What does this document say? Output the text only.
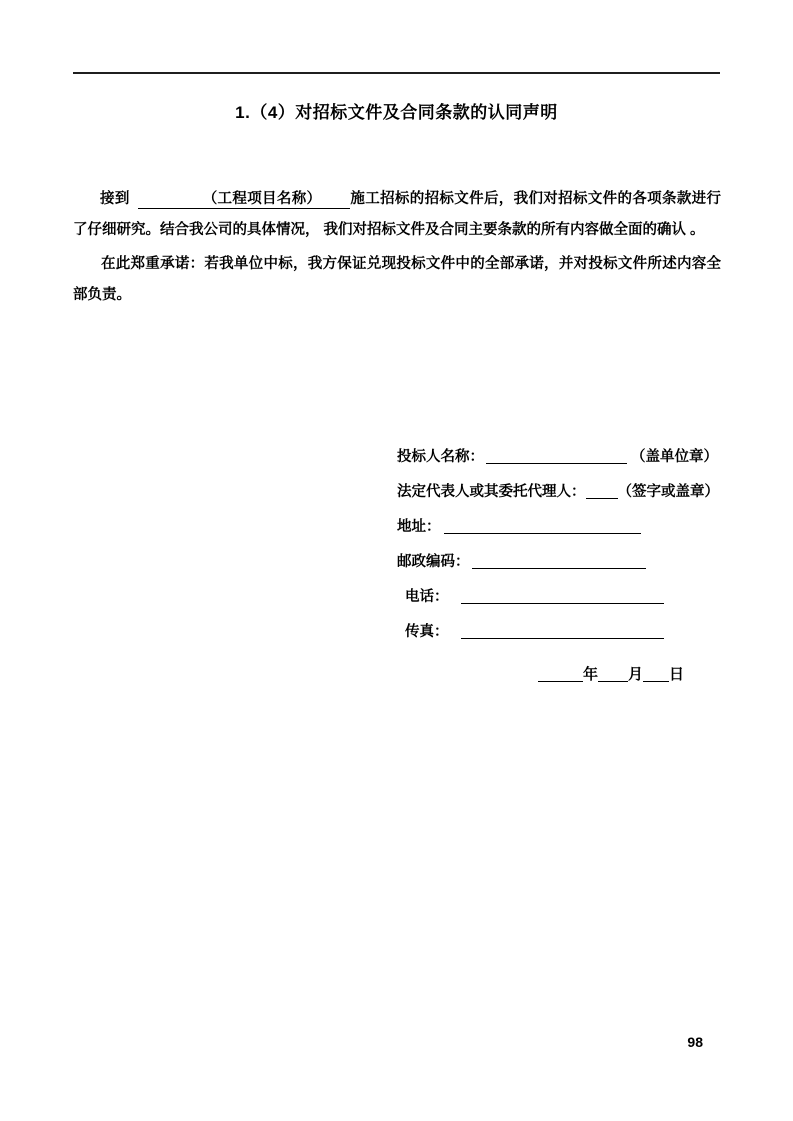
1.（4）对招标文件及合同条款的认同声明

接到	（工程项目名称） 施工招标的招标文件后，我们对招标文件的各项条款进行了仔细研究。结合我公司的具体情况， 我们对招标文件及合同主要条款的所有内容做全面的确认 。

在此郑重承诺：若我单位中标，我方保证兑现投标文件中的全部承诺，并对投标文件所述内容全部负责。

投标人名称：	（盖单位章）
法定代表人或其委托代理人： （签字或盖章）
地址：
邮政编码：
电话：
传真：
年 月 日
98
